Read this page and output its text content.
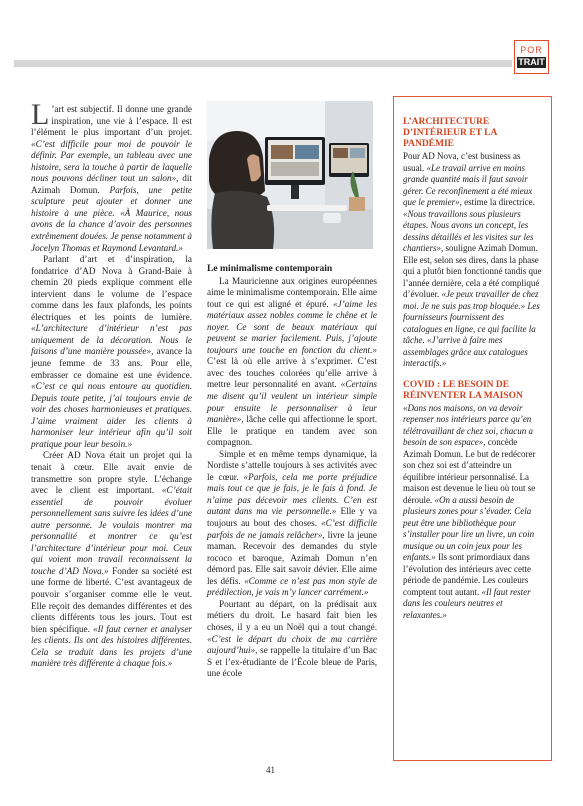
POR
TRAIT

L ’art est subjectif. Il donne une grande inspiration, une vie à l’espace. Il est l’élément le plus important d’un projet. «C’est difficile pour moi de pouvoir le définir. Par exemple, un tableau avec une histoire, sera la touche à partir de laquelle nous pouvons décliner tout un salon», dit Azimah Domun. Parfois, une petite sculpture peut ajouter et donner une histoire à une pièce. «À Maurice, nous avons de la chance d’avoir des personnes extrêmement douées. Je pense notamment à Jocelyn Thomas et Raymond Levantard.»

Parlant d’art et d’inspiration, la fondatrice d’AD Nova à Grand-Baie à chemin 20 pieds explique comment elle intervient dans le volume de l’espace comme dans les faux plafonds, les points électriques et les points de lumière. «L’architecture d’intérieur n’est pas uniquement de la décoration. Nous le faisons d’une manière poussée», avance la jeune femme de 33 ans. Pour elle, embrasser ce domaine est une évidence. «C’est ce qui nous entoure au quotidien. Depuis toute petite, j’ai toujours envie de voir des choses harmonieuses et pratiques. J’aime vraiment aider les clients à harmoniser leur intérieur afin qu’il soit pratique pour leur besoin.»

Créer AD Nova était un projet qui la tenait à cœur. Elle avait envie de transmettre son propre style. L’échange avec le client est important. «C’était essentiel de pouvoir évoluer personnellement sans suivre les idées d’une autre personne. Je voulais montrer ma personnalité et montrer ce qu’est l’architecture d’intérieur pour moi. Ceux qui voient mon travail reconnaissent la touche d’AD Nova.» Fonder sa société est une forme de liberté. C’est avantageux de pouvoir s’organiser comme elle le veut. Elle reçoit des demandes différentes et des clients différents tous les jours. Tout est bien spécifique. «Il faut cerner et analyser les clients. Ils ont des histoires différentes. Cela se traduit dans les projets d’une manière très différente à chaque fois.»

Le minimalisme contemporain

La Mauricienne aux origines européennes aime le minimalisme contemporain. Elle aime tout ce qui est aligné et épuré. «J’aime les matériaux assez nobles comme le chêne et le noyer. Ce sont de beaux matériaux qui peuvent se marier facilement. Puis, j’ajoute toujours une touche en fonction du client.» C’est là où elle arrive à s’exprimer. C’est avec des touches colorées qu’elle arrive à mettre leur personnalité en avant. «Certains me disent qu’il veulent un intérieur simple pour ensuite le personnaliser à leur manière», lâche celle qui affectionne le sport. Elle le pratique en tandem avec son compagnon.

Simple et en même temps dynamique, la Nordiste s’attelle toujours à ses activités avec le cœur. «Parfois, cela me porte préjudice mais tout ce que je fais, je le fais à fond. Je n’aime pas décevoir mes clients. C’en est autant dans ma vie personnelle.» Elle y va toujours au bout des choses. «C’est difficile parfois de ne jamais relâcher», livre la jeune maman. Recevoir des demandes du style rococo et baroque, Azimah Domun n’en démord pas. Elle sait savoir dévier. Elle aime les défis. «Comme ce n’est pas mon style de prédilection, je vais m’y lancer carrément.»

Pourtant au départ, on la prédisait aux métiers du droit. Le hasard fait bien les choses, il y a eu un Noël qui a tout changé. «C’est le départ du choix de ma carrière aujourd’hui», se rappelle la titulaire d’un Bac S et l’ex-étudiante de l’École bleue de Paris, une école

L’ARCHITECTURE D’INTÉRIEUR ET LA PANDÉMIE

Pour AD Nova, c’est business as usual. «Le travail arrive en moins grande quantité mais il faut savoir gérer. Ce reconfinement a été mieux que le premier», estime la directrice. «Nous travaillons sous plusieurs étapes. Nous avons un concept, les dessins détaillés et les visites sur les chantiers», souligne Azimah Domun. Elle est, selon ses dires, dans la phase qui a plutôt bien fonctionné tandis que l’année dernière, cela a été compliqué d’évoluer. «Je peux travailler de chez moi. Je ne suis pas trop bloquée.» Les fournisseurs fournissent des catalogues en ligne, ce qui facilite la tâche. «J’arrive à faire mes assemblages grâce aux catalogues interactifs.»

COVID : LE BESOIN DE RÉINVENTER LA MAISON

«Dans nos maisons, on va devoir repenser nos intérieurs parce qu’en télétravaillant de chez soi, chacun a besoin de son espace», concède Azimah Domun. Le but de redécorer son chez soi est d’atteindre un équilibre intérieur personnalisé. La maison est devenue le lieu où tout se déroule. «On a aussi besoin de plusieurs zones pour s’évader. Cela peut être une bibliothèque pour s’installer pour lire un livre, un coin musique ou un coin jeux pour les enfants.» Ils sont primordiaux dans l’évolution des intérieurs avec cette période de pandémie. Les couleurs comptent tout autant. «Il faut rester dans les couleurs neutres et relaxantes.»

41
